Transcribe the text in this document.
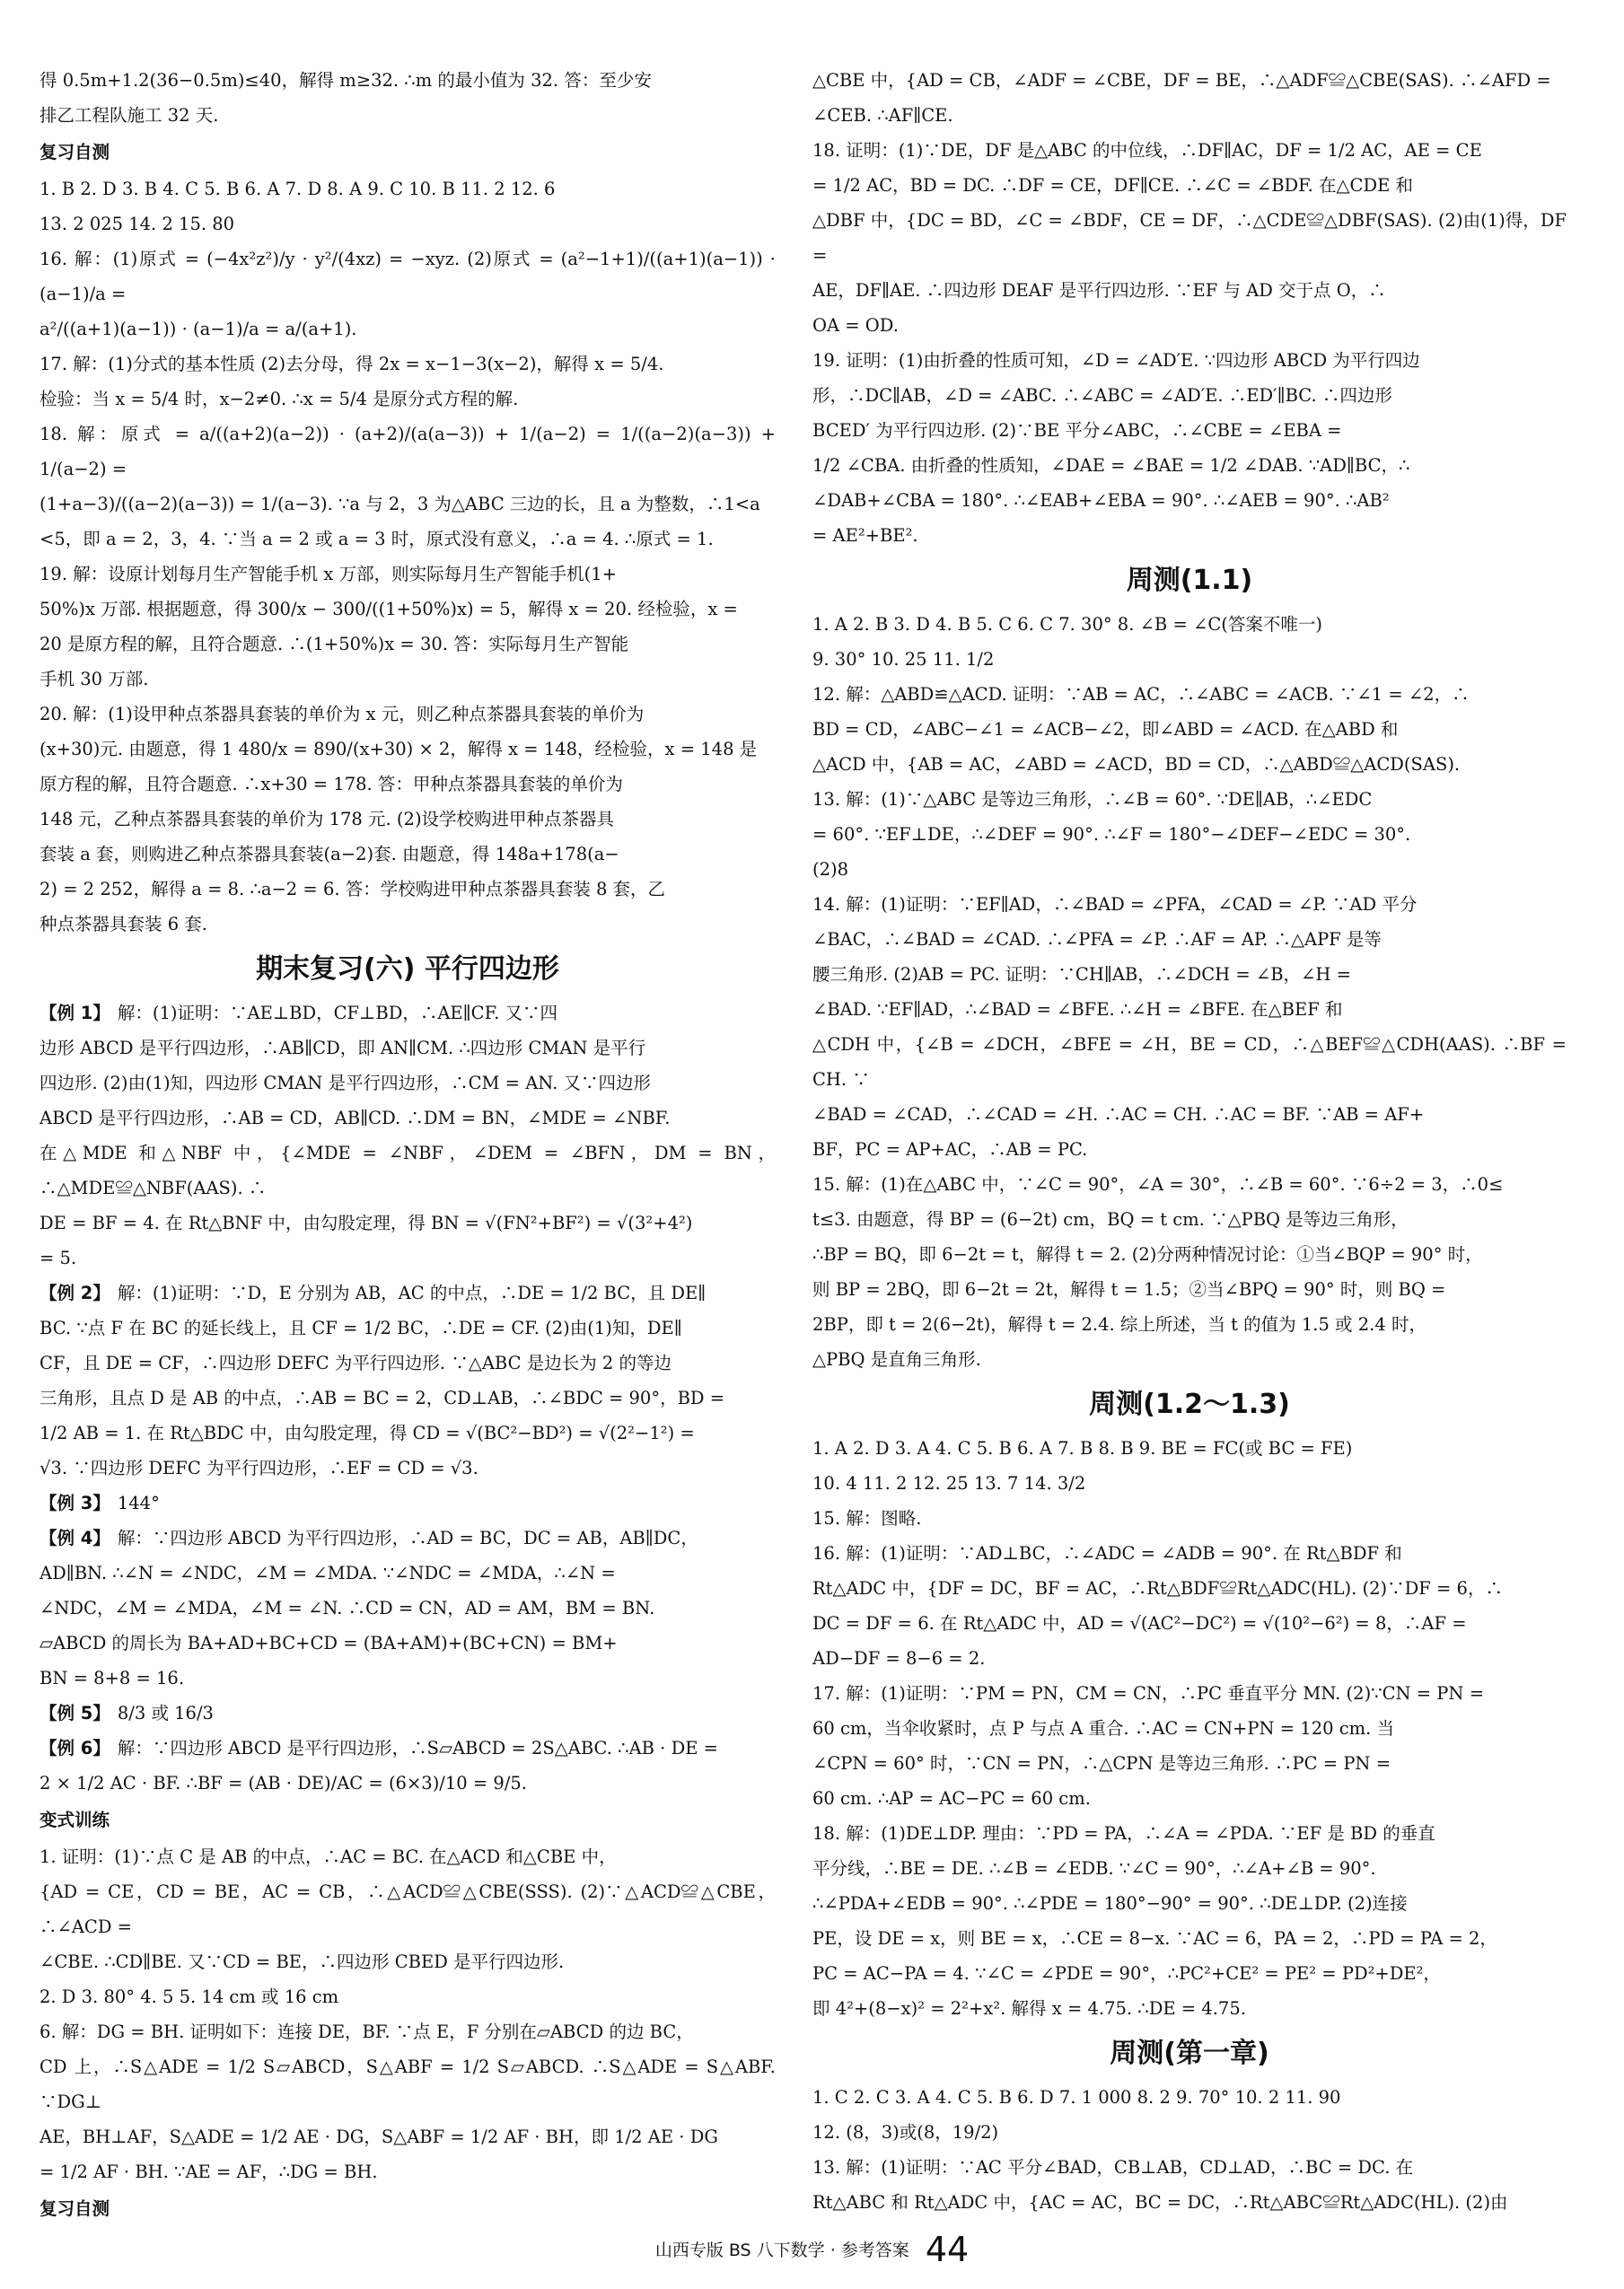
得 0.5m+1.2(36−0.5m)≤40，解得 m≥32. ∴m 的最小值为 32. 答：至少安

排乙工程队施工 32 天.

复习自测

1. B 2. D 3. B 4. C 5. B 6. A 7. D 8. A 9. C 10. B 11. 2 12. 6

13. 2 025 14. 2 15. 80

16. 解：(1)原式 = (−4x²z²)/y · y²/(4xz) = −xyz. (2)原式 = (a²−1+1)/((a+1)(a−1)) · (a−1)/a =

a²/((a+1)(a−1)) · (a−1)/a = a/(a+1).

17. 解：(1)分式的基本性质 (2)去分母，得 2x = x−1−3(x−2)，解得 x = 5/4.

检验：当 x = 5/4 时，x−2≠0. ∴x = 5/4 是原分式方程的解.

18. 解：原式 = a/((a+2)(a−2)) · (a+2)/(a(a−3)) + 1/(a−2) = 1/((a−2)(a−3)) + 1/(a−2) =

(1+a−3)/((a−2)(a−3)) = 1/(a−3). ∵a 与 2，3 为△ABC 三边的长，且 a 为整数，∴1<a

<5，即 a = 2，3，4. ∵当 a = 2 或 a = 3 时，原式没有意义，∴a = 4. ∴原式 = 1.

19. 解：设原计划每月生产智能手机 x 万部，则实际每月生产智能手机(1+

50%)x 万部. 根据题意，得 300/x − 300/((1+50%)x) = 5，解得 x = 20. 经检验，x =

20 是原方程的解，且符合题意. ∴(1+50%)x = 30. 答：实际每月生产智能

手机 30 万部.

20. 解：(1)设甲种点茶器具套装的单价为 x 元，则乙种点茶器具套装的单价为

(x+30)元. 由题意，得 1 480/x = 890/(x+30) × 2，解得 x = 148，经检验，x = 148 是

原方程的解，且符合题意. ∴x+30 = 178. 答：甲种点茶器具套装的单价为

148 元，乙种点茶器具套装的单价为 178 元. (2)设学校购进甲种点茶器具

套装 a 套，则购进乙种点茶器具套装(a−2)套. 由题意，得 148a+178(a−

2) = 2 252，解得 a = 8. ∴a−2 = 6. 答：学校购进甲种点茶器具套装 8 套，乙

种点茶器具套装 6 套.

期末复习(六) 平行四边形

【例 1】 解：(1)证明：∵AE⊥BD，CF⊥BD，∴AE∥CF. 又∵四

边形 ABCD 是平行四边形，∴AB∥CD，即 AN∥CM. ∴四边形 CMAN 是平行

四边形. (2)由(1)知，四边形 CMAN 是平行四边形，∴CM = AN. 又∵四边形

ABCD 是平行四边形，∴AB = CD，AB∥CD. ∴DM = BN，∠MDE = ∠NBF.

在△MDE 和△NBF 中，{∠MDE = ∠NBF，∠DEM = ∠BFN，DM = BN，∴△MDE≌△NBF(AAS). ∴

DE = BF = 4. 在 Rt△BNF 中，由勾股定理，得 BN = √(FN²+BF²) = √(3²+4²)

= 5.

【例 2】 解：(1)证明：∵D，E 分别为 AB，AC 的中点，∴DE = 1/2 BC，且 DE∥

BC. ∵点 F 在 BC 的延长线上，且 CF = 1/2 BC，∴DE = CF. (2)由(1)知，DE∥

CF，且 DE = CF，∴四边形 DEFC 为平行四边形. ∵△ABC 是边长为 2 的等边

三角形，且点 D 是 AB 的中点，∴AB = BC = 2，CD⊥AB，∴∠BDC = 90°，BD =

1/2 AB = 1. 在 Rt△BDC 中，由勾股定理，得 CD = √(BC²−BD²) = √(2²−1²) =

√3. ∵四边形 DEFC 为平行四边形，∴EF = CD = √3.

【例 3】 144°

【例 4】 解：∵四边形 ABCD 为平行四边形，∴AD = BC，DC = AB，AB∥DC，

AD∥BN. ∴∠N = ∠NDC，∠M = ∠MDA. ∵∠NDC = ∠MDA，∴∠N =

∠NDC，∠M = ∠MDA，∠M = ∠N. ∴CD = CN，AD = AM，BM = BN.

▱ABCD 的周长为 BA+AD+BC+CD = (BA+AM)+(BC+CN) = BM+

BN = 8+8 = 16.

【例 5】 8/3 或 16/3

【例 6】 解：∵四边形 ABCD 是平行四边形，∴S▱ABCD = 2S△ABC. ∴AB · DE =

2 × 1/2 AC · BF. ∴BF = (AB · DE)/AC = (6×3)/10 = 9/5.

变式训练

1. 证明：(1)∵点 C 是 AB 的中点，∴AC = BC. 在△ACD 和△CBE 中，

{AD = CE，CD = BE，AC = CB，∴△ACD≌△CBE(SSS). (2)∵△ACD≌△CBE，∴∠ACD =

∠CBE. ∴CD∥BE. 又∵CD = BE，∴四边形 CBED 是平行四边形.

2. D 3. 80° 4. 5 5. 14 cm 或 16 cm

6. 解：DG = BH. 证明如下：连接 DE，BF. ∵点 E，F 分别在▱ABCD 的边 BC，

CD 上，∴S△ADE = 1/2 S▱ABCD，S△ABF = 1/2 S▱ABCD. ∴S△ADE = S△ABF. ∵DG⊥

AE，BH⊥AF，S△ADE = 1/2 AE · DG，S△ABF = 1/2 AF · BH，即 1/2 AE · DG

= 1/2 AF · BH. ∵AE = AF，∴DG = BH.

复习自测

△CBE 中，{AD = CB，∠ADF = ∠CBE，DF = BE，∴△ADF≌△CBE(SAS). ∴∠AFD =

∠CEB. ∴AF∥CE.

18. 证明：(1)∵DE，DF 是△ABC 的中位线，∴DF∥AC，DF = 1/2 AC，AE = CE

= 1/2 AC，BD = DC. ∴DF = CE，DF∥CE. ∴∠C = ∠BDF. 在△CDE 和

△DBF 中，{DC = BD，∠C = ∠BDF，CE = DF，∴△CDE≌△DBF(SAS). (2)由(1)得，DF =

AE，DF∥AE. ∴四边形 DEAF 是平行四边形. ∵EF 与 AD 交于点 O，∴

OA = OD.

19. 证明：(1)由折叠的性质可知，∠D = ∠AD′E. ∵四边形 ABCD 为平行四边

形，∴DC∥AB，∠D = ∠ABC. ∴∠ABC = ∠AD′E. ∴ED′∥BC. ∴四边形

BCED′ 为平行四边形. (2)∵BE 平分∠ABC，∴∠CBE = ∠EBA =

1/2 ∠CBA. 由折叠的性质知，∠DAE = ∠BAE = 1/2 ∠DAB. ∵AD∥BC，∴

∠DAB+∠CBA = 180°. ∴∠EAB+∠EBA = 90°. ∴∠AEB = 90°. ∴AB²

= AE²+BE².

周测(1.1)

1. A 2. B 3. D 4. B 5. C 6. C 7. 30° 8. ∠B = ∠C(答案不唯一)

9. 30° 10. 25 11. 1/2

12. 解：△ABD≌△ACD. 证明：∵AB = AC，∴∠ABC = ∠ACB. ∵∠1 = ∠2，∴

BD = CD，∠ABC−∠1 = ∠ACB−∠2，即∠ABD = ∠ACD. 在△ABD 和

△ACD 中，{AB = AC，∠ABD = ∠ACD，BD = CD，∴△ABD≌△ACD(SAS).

13. 解：(1)∵△ABC 是等边三角形，∴∠B = 60°. ∵DE∥AB，∴∠EDC

= 60°. ∵EF⊥DE，∴∠DEF = 90°. ∴∠F = 180°−∠DEF−∠EDC = 30°.

(2)8

14. 解：(1)证明：∵EF∥AD，∴∠BAD = ∠PFA，∠CAD = ∠P. ∵AD 平分

∠BAC，∴∠BAD = ∠CAD. ∴∠PFA = ∠P. ∴AF = AP. ∴△APF 是等

腰三角形. (2)AB = PC. 证明：∵CH∥AB，∴∠DCH = ∠B，∠H =

∠BAD. ∵EF∥AD，∴∠BAD = ∠BFE. ∴∠H = ∠BFE. 在△BEF 和

△CDH 中，{∠B = ∠DCH，∠BFE = ∠H，BE = CD，∴△BEF≌△CDH(AAS). ∴BF = CH. ∵

∠BAD = ∠CAD，∴∠CAD = ∠H. ∴AC = CH. ∴AC = BF. ∵AB = AF+

BF，PC = AP+AC，∴AB = PC.

15. 解：(1)在△ABC 中，∵∠C = 90°，∠A = 30°，∴∠B = 60°. ∵6÷2 = 3，∴0≤

t≤3. 由题意，得 BP = (6−2t) cm，BQ = t cm. ∵△PBQ 是等边三角形，

∴BP = BQ，即 6−2t = t，解得 t = 2. (2)分两种情况讨论：①当∠BQP = 90° 时，

则 BP = 2BQ，即 6−2t = 2t，解得 t = 1.5；②当∠BPQ = 90° 时，则 BQ =

2BP，即 t = 2(6−2t)，解得 t = 2.4. 综上所述，当 t 的值为 1.5 或 2.4 时，

△PBQ 是直角三角形.

周测(1.2～1.3)

1. A 2. D 3. A 4. C 5. B 6. A 7. B 8. B 9. BE = FC(或 BC = FE)

10. 4 11. 2 12. 25 13. 7 14. 3/2

15. 解：图略.

16. 解：(1)证明：∵AD⊥BC，∴∠ADC = ∠ADB = 90°. 在 Rt△BDF 和

Rt△ADC 中，{DF = DC，BF = AC，∴Rt△BDF≌Rt△ADC(HL). (2)∵DF = 6，∴

DC = DF = 6. 在 Rt△ADC 中，AD = √(AC²−DC²) = √(10²−6²) = 8，∴AF =

AD−DF = 8−6 = 2.

17. 解：(1)证明：∵PM = PN，CM = CN，∴PC 垂直平分 MN. (2)∵CN = PN =

60 cm，当伞收紧时，点 P 与点 A 重合. ∴AC = CN+PN = 120 cm. 当

∠CPN = 60° 时，∵CN = PN，∴△CPN 是等边三角形. ∴PC = PN =

60 cm. ∴AP = AC−PC = 60 cm.

18. 解：(1)DE⊥DP. 理由：∵PD = PA，∴∠A = ∠PDA. ∵EF 是 BD 的垂直

平分线，∴BE = DE. ∴∠B = ∠EDB. ∵∠C = 90°，∴∠A+∠B = 90°.

∴∠PDA+∠EDB = 90°. ∴∠PDE = 180°−90° = 90°. ∴DE⊥DP. (2)连接

PE，设 DE = x，则 BE = x，∴CE = 8−x. ∵AC = 6，PA = 2，∴PD = PA = 2，

PC = AC−PA = 4. ∵∠C = ∠PDE = 90°，∴PC²+CE² = PE² = PD²+DE²，

即 4²+(8−x)² = 2²+x². 解得 x = 4.75. ∴DE = 4.75.

周测(第一章)

1. C 2. C 3. A 4. C 5. B 6. D 7. 1 000 8. 2 9. 70° 10. 2 11. 90

12. (8，3)或(8，19/2)

13. 解：(1)证明：∵AC 平分∠BAD，CB⊥AB，CD⊥AD，∴BC = DC. 在

Rt△ABC 和 Rt△ADC 中，{AC = AC，BC = DC，∴Rt△ABC≌Rt△ADC(HL). (2)由

山西专版 BS 八下数学 · 参考答案 44
